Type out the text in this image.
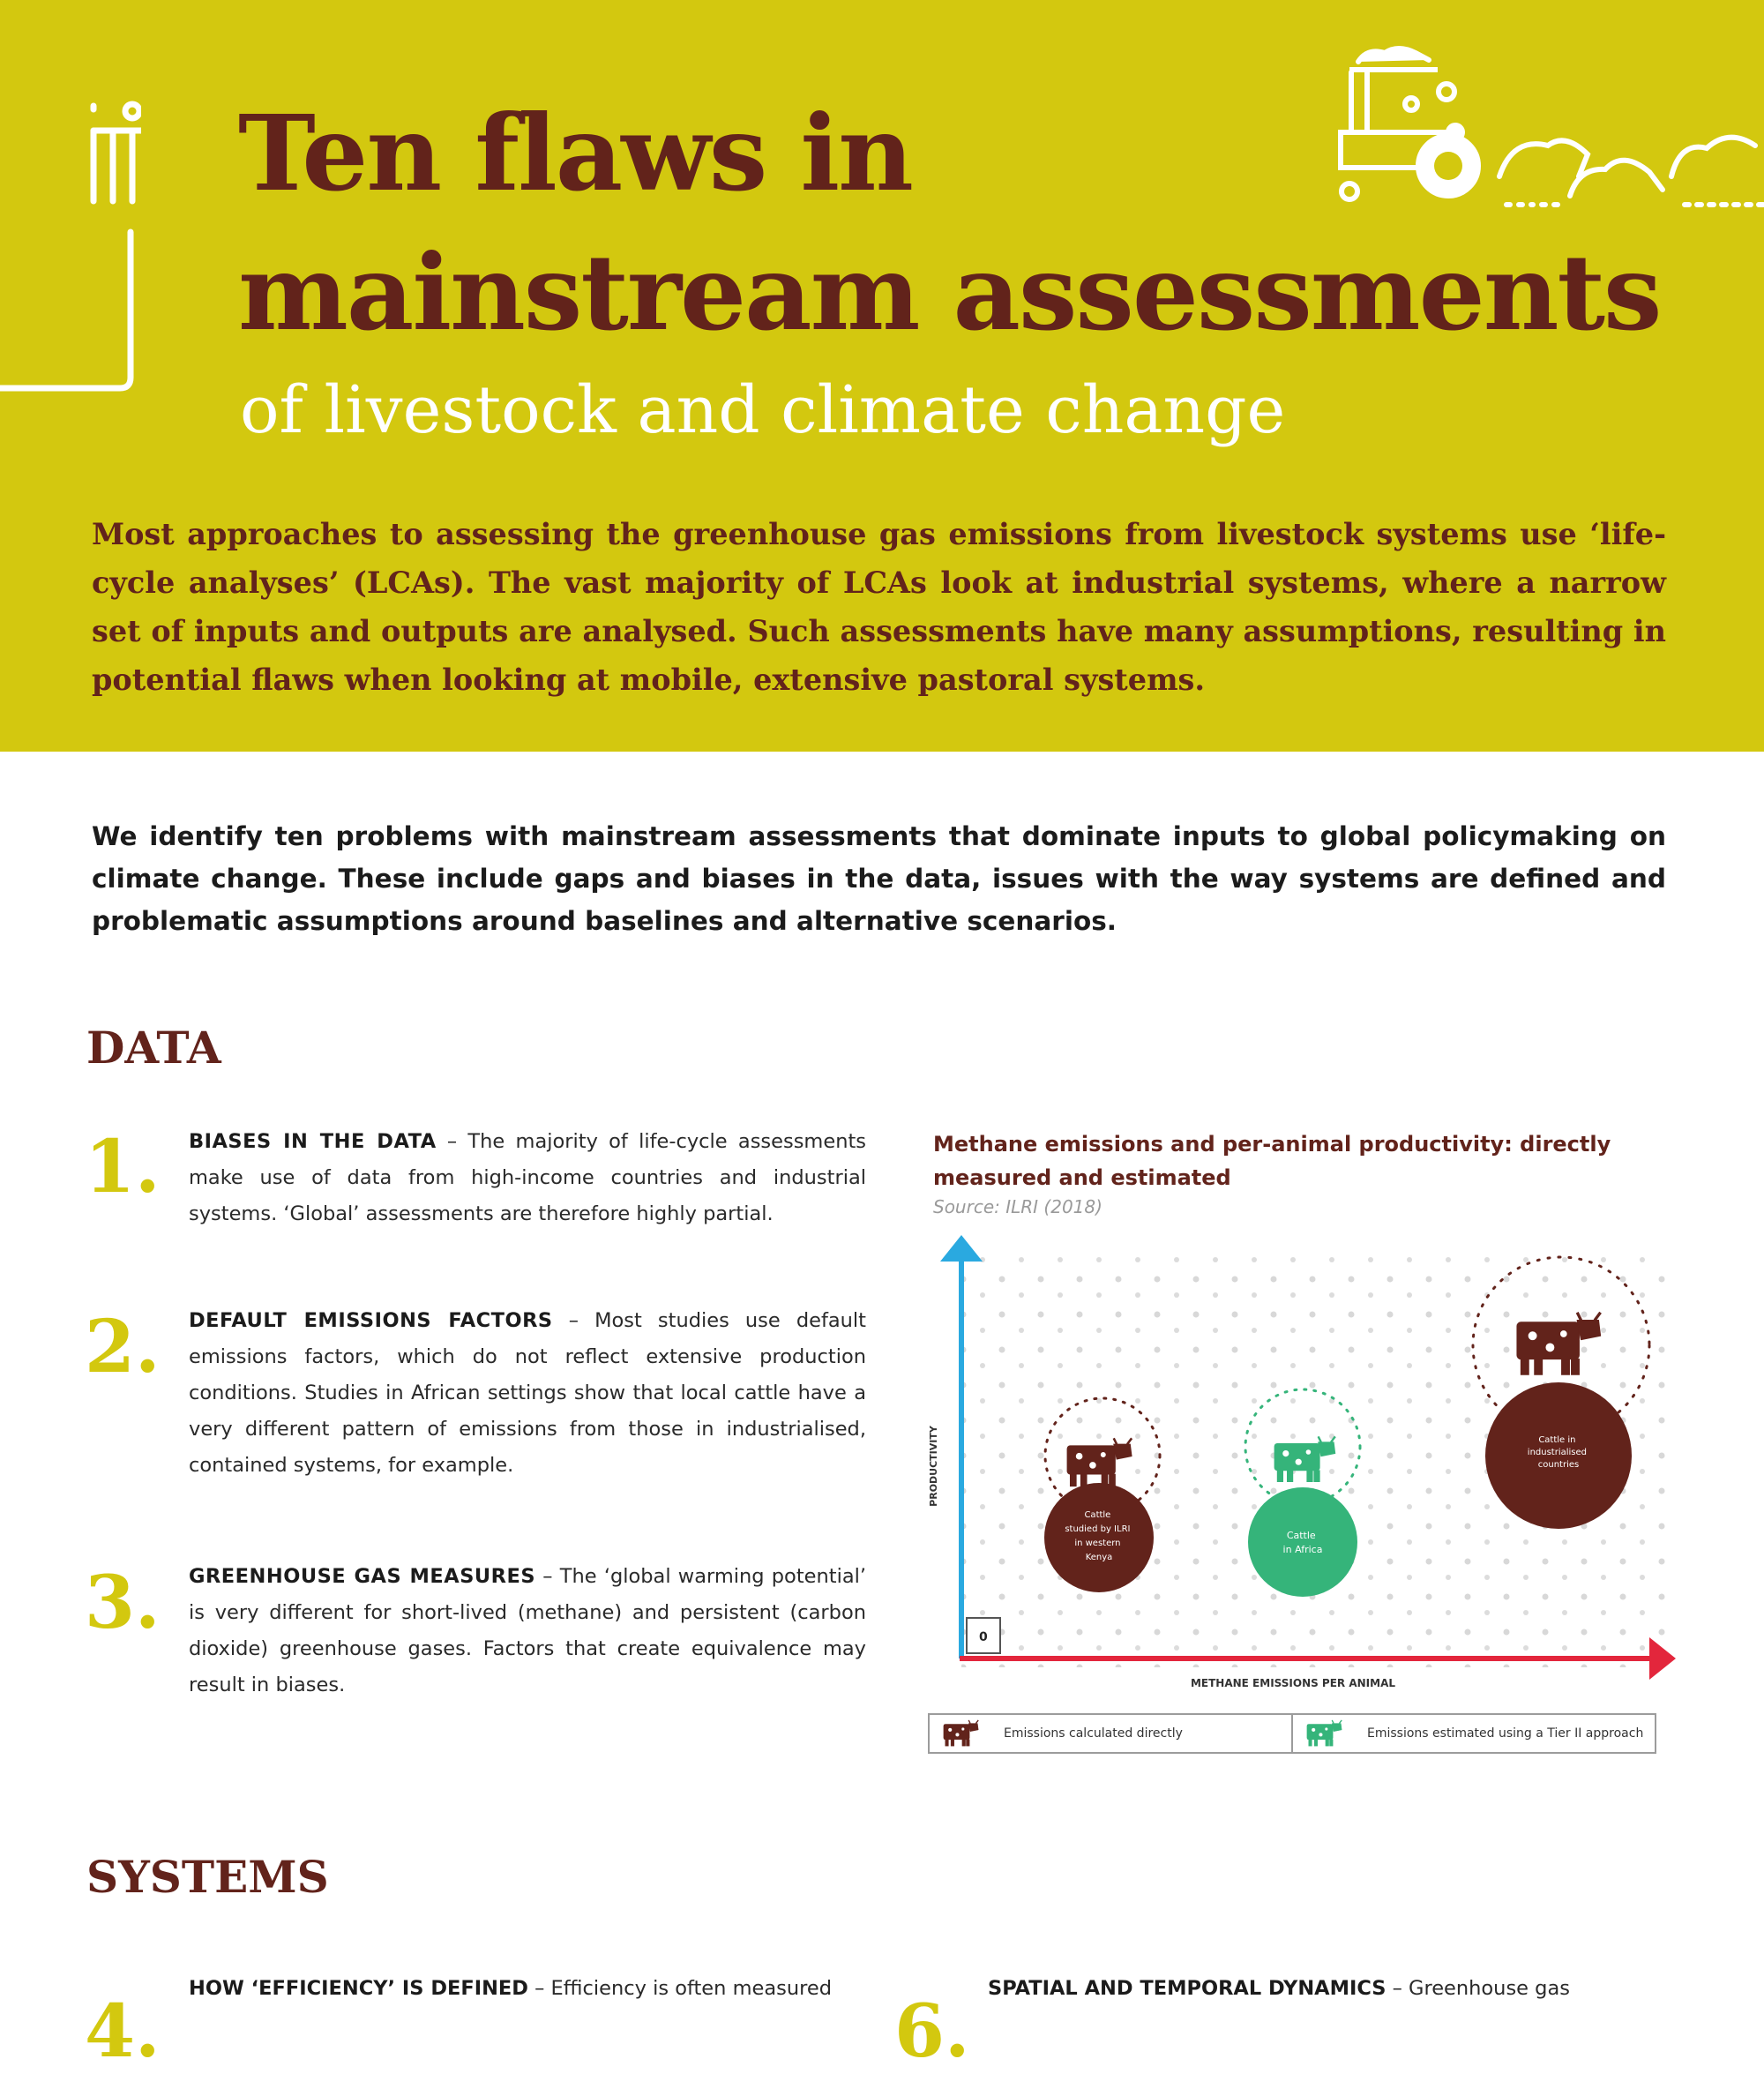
Ten flaws in
mainstream assessments

of livestock and climate change

Most approaches to assessing the greenhouse gas emissions from livestock systems use ‘life-cycle analyses’ (LCAs). The vast majority of LCAs look at industrial systems, where a narrow set of inputs and outputs are analysed. Such assessments have many assumptions, resulting in potential flaws when looking at mobile, extensive pastoral systems.

We identify ten problems with mainstream assessments that dominate inputs to global policymaking on climate change. These include gaps and biases in the data, issues with the way systems are defined and problematic assumptions around baselines and alternative scenarios.

DATA
1. BIASES IN THE DATA – The majority of life-cycle assessments make use of data from high-income countries and industrial systems. ‘Global’ assessments are therefore highly partial.

2. DEFAULT EMISSIONS FACTORS – Most studies use default emissions factors, which do not reflect extensive production conditions. Studies in African settings show that local cattle have a very different pattern of emissions from those in industrialised, contained systems, for example.

3. GREENHOUSE GAS MEASURES – The ‘global warming potential’ is very different for short-lived (methane) and persistent (carbon dioxide) greenhouse gases. Factors that create equivalence may result in biases.

Methane emissions and per-animal productivity: directly measured and estimated

Source: ILRI (2018)

0
PRODUCTIVITY
METHANE EMISSIONS PER ANIMAL
Cattle studied by ILRI in western Kenya
Cattle in Africa
Cattle in industrialised countries
Emissions calculated directly	Emissions estimated using a Tier II approach
SYSTEMS
4.

HOW ‘EFFICIENCY’ IS DEFINED – Efficiency is often measured

6.

SPATIAL AND TEMPORAL DYNAMICS – Greenhouse gas
